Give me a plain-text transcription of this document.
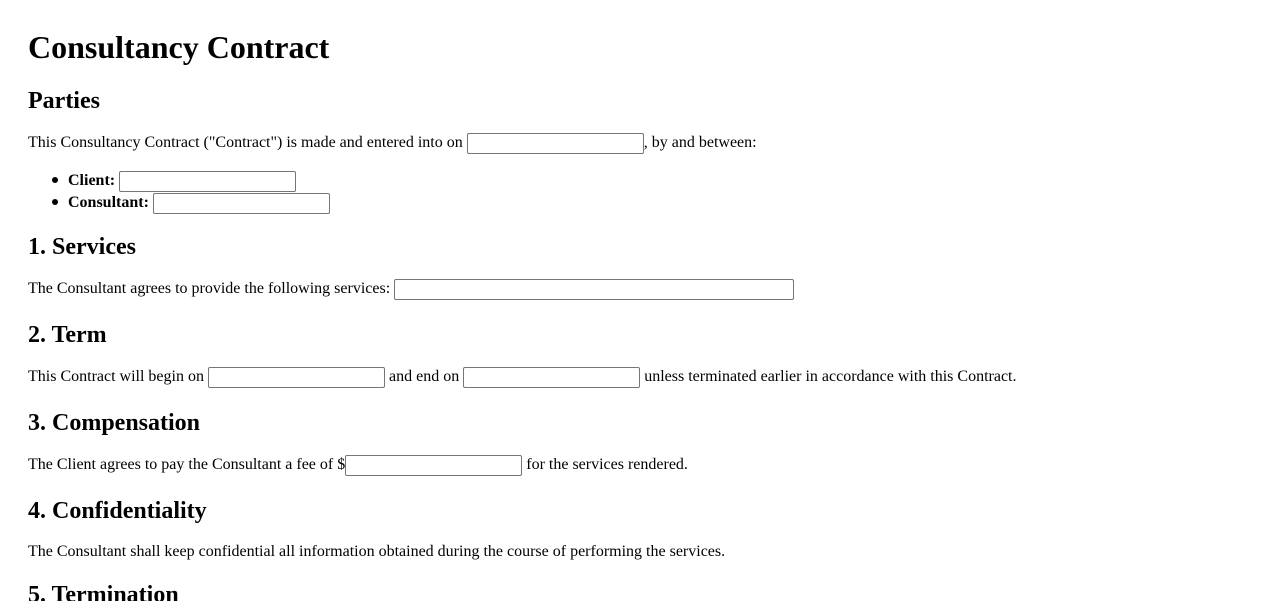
Consultancy Contract
Parties

This Consultancy Contract ("Contract") is made and entered into on	, by and between:

Client:
Consultant:
1. Services

The Consultant agrees to provide the following services:

2. Term

This Contract will begin on	and end on	unless terminated earlier in accordance with this Contract.

3. Compensation

The Client agrees to pay the Consultant a fee of $	for the services rendered.

4. Confidentiality

The Consultant shall keep confidential all information obtained during the course of performing the services.

5. Termination
